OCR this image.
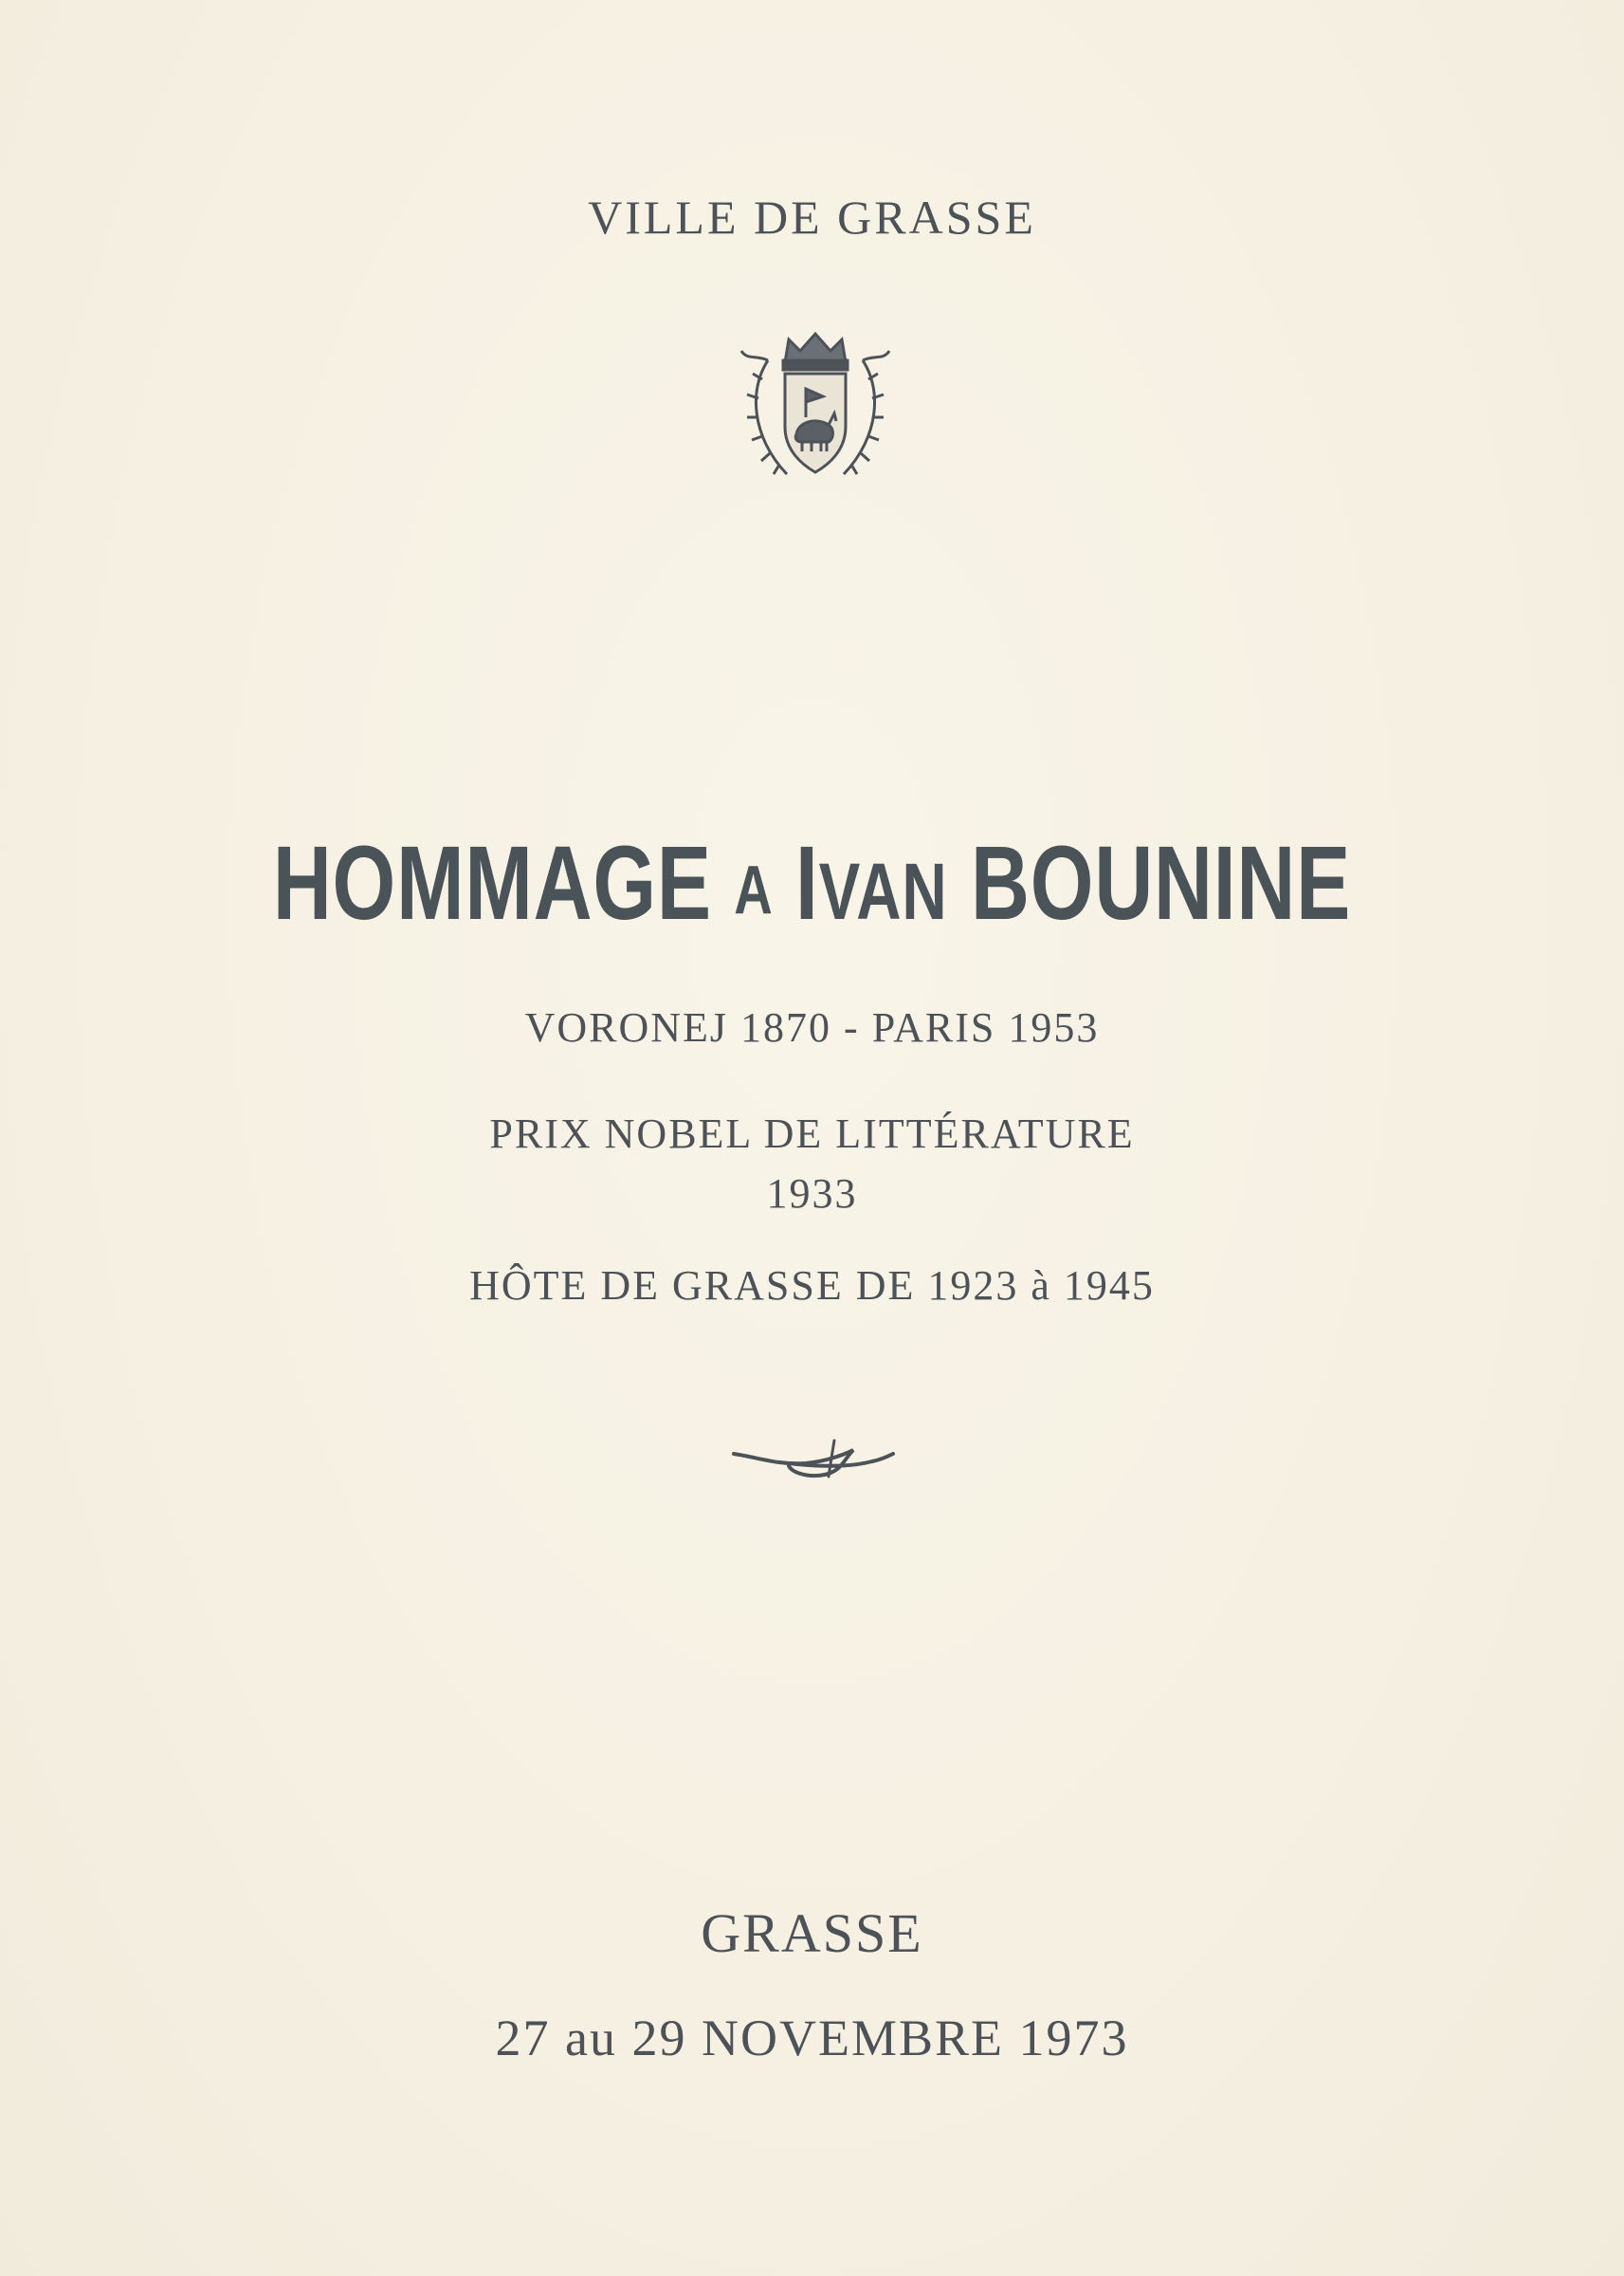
VILLE DE GRASSE
HOMMAGE A IVAN BOUNINE
VORONEJ 1870 - PARIS 1953
PRIX NOBEL DE LITTÉRATURE
1933
HÔTE DE GRASSE DE 1923 à 1945
GRASSE
27 au 29 NOVEMBRE 1973
